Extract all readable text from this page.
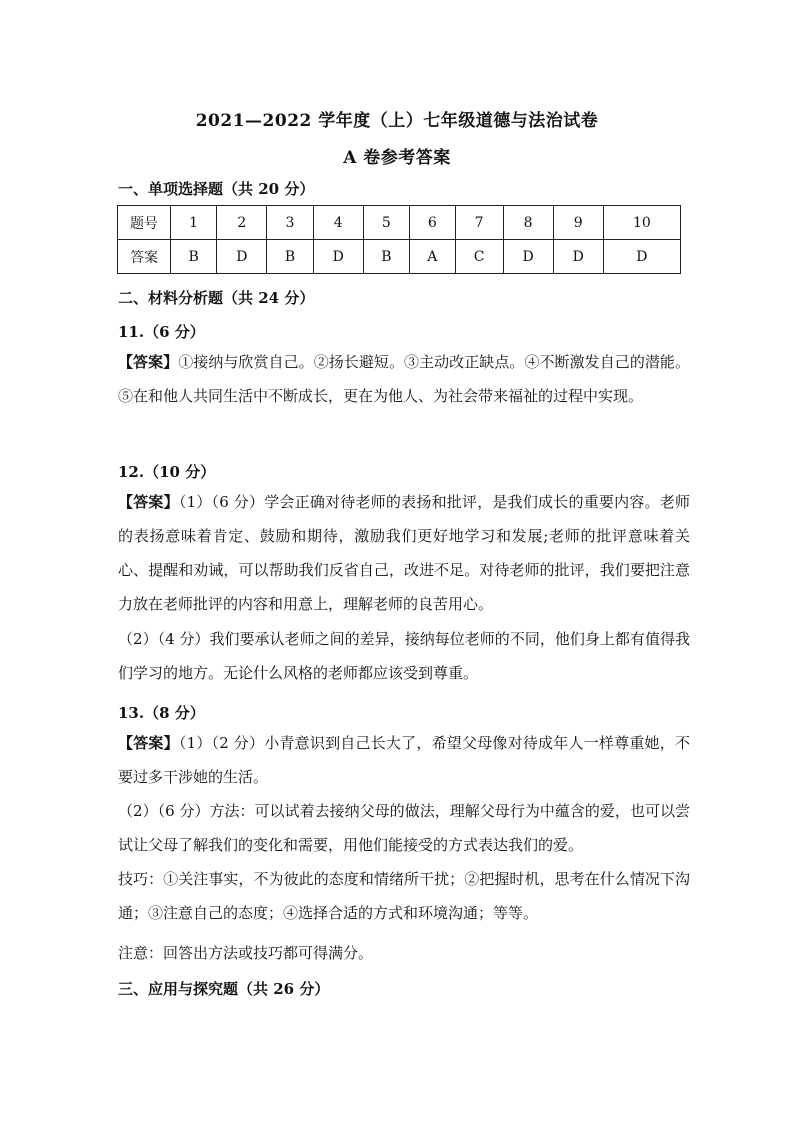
2021—2022 学年度（上）七年级道德与法治试卷
A 卷参考答案
一、单项选择题（共 20 分）
题号	1	2	3	4	5	6	7	8	9	10
答案	B	D	B	D	B	A	C	D	D	D
二、材料分析题（共 24 分）
11.（6 分）
【答案】①接纳与欣赏自己。②扬长避短。③主动改正缺点。④不断激发自己的潜能。⑤在和他人共同生活中不断成长，更在为他人、为社会带来福祉的过程中实现。
12.（10 分）
【答案】（1）（6 分）学会正确对待老师的表扬和批评，是我们成长的重要内容。老师的表扬意味着肯定、鼓励和期待，激励我们更好地学习和发展;老师的批评意味着关心、提醒和劝诫，可以帮助我们反省自己，改进不足。对待老师的批评，我们要把注意力放在老师批评的内容和用意上，理解老师的良苦用心。
（2）（4 分）我们要承认老师之间的差异，接纳每位老师的不同，他们身上都有值得我们学习的地方。无论什么风格的老师都应该受到尊重。
13.（8 分）
【答案】（1）（2 分）小青意识到自己长大了，希望父母像对待成年人一样尊重她，不要过多干涉她的生活。
（2）（6 分）方法：可以试着去接纳父母的做法，理解父母行为中蕴含的爱，也可以尝试让父母了解我们的变化和需要，用他们能接受的方式表达我们的爱。
技巧：①关注事实，不为彼此的态度和情绪所干扰；②把握时机，思考在什么情况下沟通；③注意自己的态度；④选择合适的方式和环境沟通；等等。
注意：回答出方法或技巧都可得满分。
三、应用与探究题（共 26 分）
